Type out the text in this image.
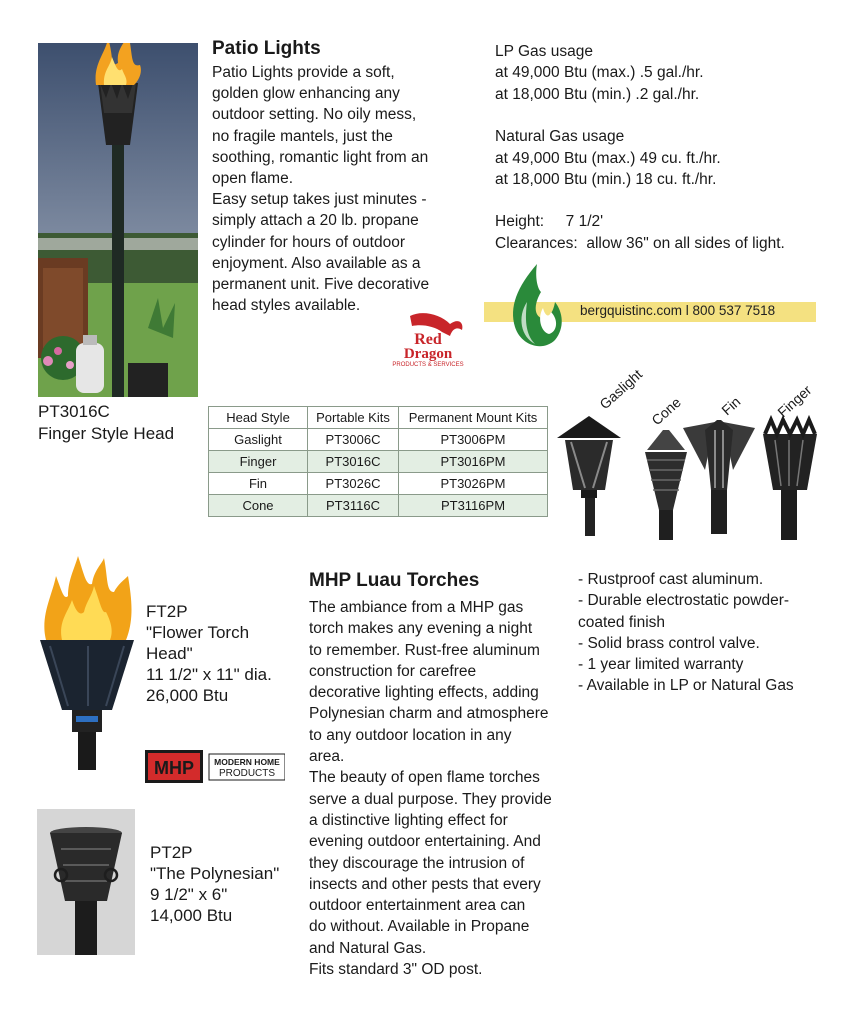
Patio Lights
Patio Lights provide a soft,
golden glow enhancing any
outdoor setting. No oily mess,
no fragile mantels, just the
soothing, romantic light from an
open flame.
Easy setup takes just minutes -
simply attach a 20 lb. propane
cylinder for hours of outdoor
enjoyment. Also available as a
permanent unit. Five decorative
head styles available.

LP Gas usage

at 49,000 Btu (max.) .5 gal./hr.

at 18,000 Btu (min.) .2 gal./hr.

Natural Gas usage

at 49,000 Btu (max.) 49 cu. ft./hr.

at 18,000 Btu (min.) 18 cu. ft./hr.

Height:     7 1/2'

Clearances:  allow 36" on all sides of light.

bergquistinc.com l 800 537 7518
Red
Dragon
PRODUCTS & SERVICES
PT3016C
Finger Style Head
Head Style	Portable Kits	Permanent Mount Kits
Gaslight	PT3006C	PT3006PM
Finger	PT3016C	PT3016PM
Fin	PT3026C	PT3026PM
Cone	PT3116C	PT3116PM
Gaslight Cone Fin Finger
FT2P
"Flower Torch
Head"
11 1/2" x 11" dia.
26,000 Btu
MHP MODERN HOME
PRODUCTS
MHP Luau Torches
The ambiance from a MHP gas
torch makes any evening a night
to remember. Rust-free aluminum
construction for carefree
decorative lighting effects, adding
Polynesian charm and atmosphere
to any outdoor location in any
area.
The beauty of open flame torches
serve a dual purpose. They provide
a distinctive lighting effect for
evening outdoor entertaining. And
they discourage the intrusion of
insects and other pests that every
outdoor entertainment area can
do without. Available in Propane
and Natural Gas.
Fits standard 3" OD post.
- Rustproof cast aluminum.
- Durable electrostatic powder-
coated finish
- Solid brass control valve.
- 1 year limited warranty
- Available in LP or Natural Gas
PT2P
"The Polynesian"
9 1/2" x 6"
14,000 Btu
